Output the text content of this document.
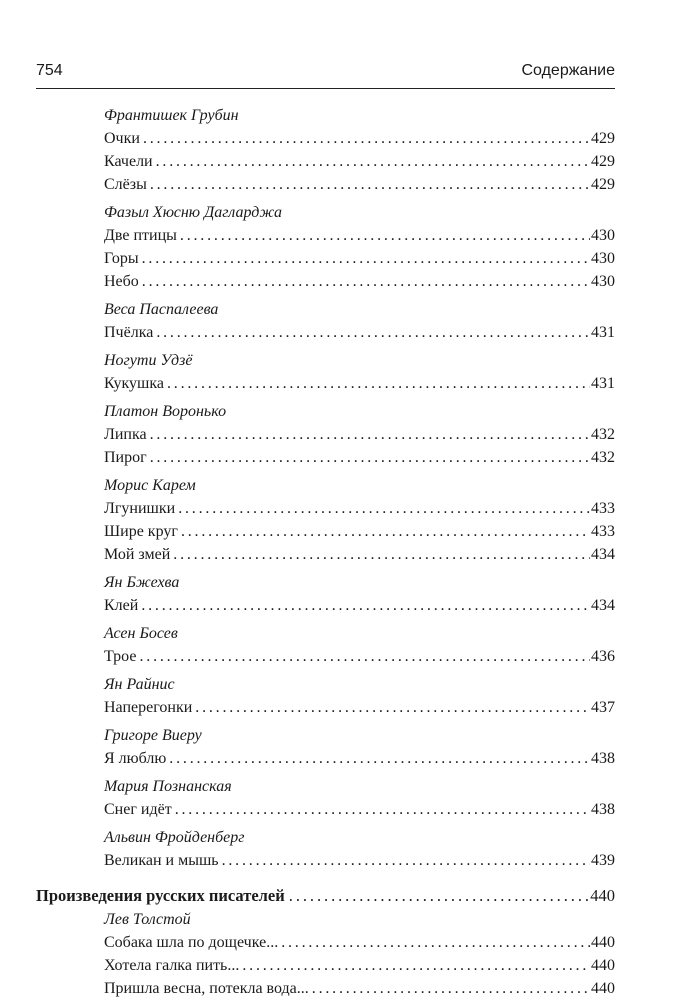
754	Содержание
Франтишек Грубин
Очки . . .	429
Качели . . .	429
Слёзы . . .	429
Фазыл Хюсню Дагларджа
Две птицы . . .	430
Горы . . .	430
Небо . . .	430
Веса Паспалеева
Пчёлка . . .	431
Ногути Удзё
Кукушка . . .	431
Платон Воронько
Липка . . .	432
Пирог . . .	432
Морис Карем
Лгунишки . . .	433
Шире круг . . .	433
Мой змей . . .	434
Ян Бжехва
Клей . . .	434
Асен Босев
Трое . . .	436
Ян Райнис
Наперегонки . . .	437
Григоре Виеру
Я люблю . . .	438
Мария Познанская
Снег идёт . . .	438
Альвин Фройденберг
Великан и мышь . . .	439
Произведения русских писателей . . .	440
Лев Толстой
Собака шла по дощечке... . . .	440
Хотела галка пить... . . .	440
Пришла весна, потекла вода... . . .	440
